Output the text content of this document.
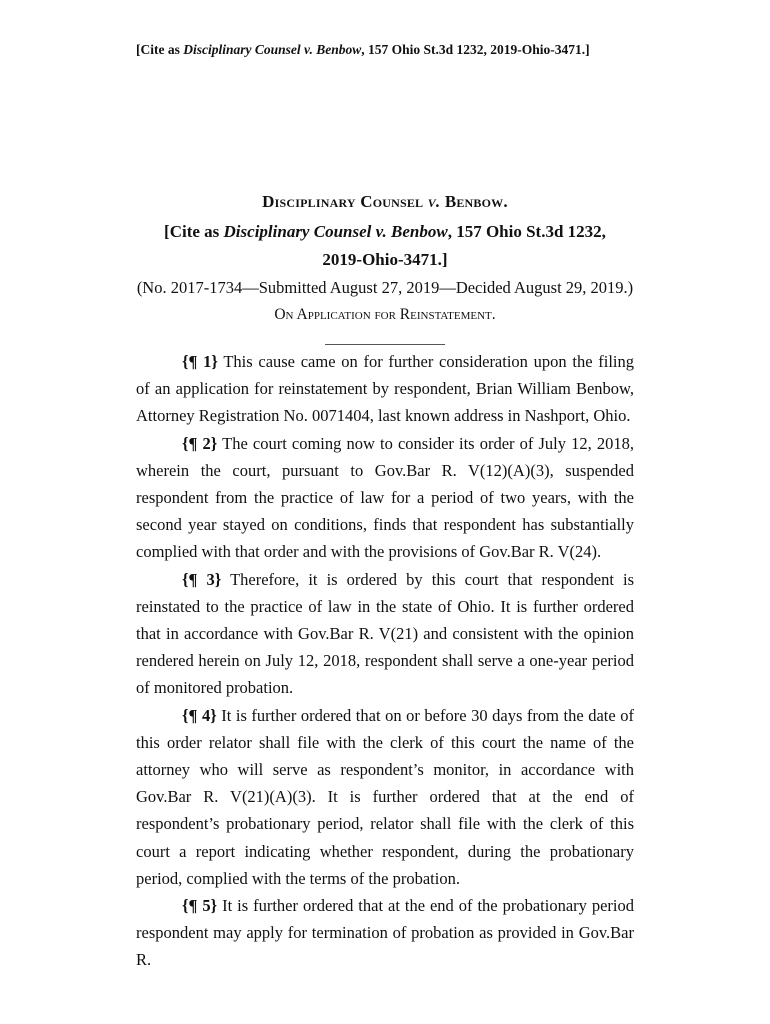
[Cite as Disciplinary Counsel v. Benbow, 157 Ohio St.3d 1232, 2019-Ohio-3471.]
Disciplinary Counsel v. Benbow.
[Cite as Disciplinary Counsel v. Benbow, 157 Ohio St.3d 1232,
2019-Ohio-3471.]
(No. 2017-1734—Submitted August 27, 2019—Decided August 29, 2019.)
On Application for Reinstatement.

{¶ 1} This cause came on for further consideration upon the filing of an application for reinstatement by respondent, Brian William Benbow, Attorney Registration No. 0071404, last known address in Nashport, Ohio.

{¶ 2} The court coming now to consider its order of July 12, 2018, wherein the court, pursuant to Gov.Bar R. V(12)(A)(3), suspended respondent from the practice of law for a period of two years, with the second year stayed on conditions, finds that respondent has substantially complied with that order and with the provisions of Gov.Bar R. V(24).

{¶ 3} Therefore, it is ordered by this court that respondent is reinstated to the practice of law in the state of Ohio. It is further ordered that in accordance with Gov.Bar R. V(21) and consistent with the opinion rendered herein on July 12, 2018, respondent shall serve a one-year period of monitored probation.

{¶ 4} It is further ordered that on or before 30 days from the date of this order relator shall file with the clerk of this court the name of the attorney who will serve as respondent’s monitor, in accordance with Gov.Bar R. V(21)(A)(3). It is further ordered that at the end of respondent’s probationary period, relator shall file with the clerk of this court a report indicating whether respondent, during the probationary period, complied with the terms of the probation.

{¶ 5} It is further ordered that at the end of the probationary period respondent may apply for termination of probation as provided in Gov.Bar R.
